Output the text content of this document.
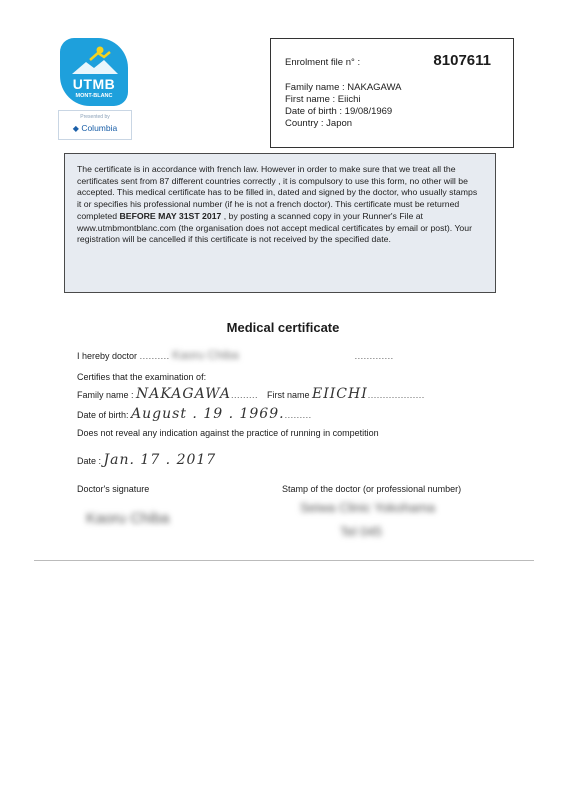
UTMB
MONT-BLANC
Presented by
◆ Columbia
Enrolment file n° :	8107611
Family name : NAKAGAWA
First name : Eiichi
Date of birth : 19/08/1969
Country : Japon
The certificate is in accordance with french law. However in order to make sure that we treat all the certificates sent from 87 different countries correctly , it is compulsory to use this form, no other will be accepted. This medical certificate has to be filled in, dated and signed by the doctor, who usually stamps it or specifies his professional number (if he is not a french doctor). This certificate must be returned completed BEFORE MAY 31ST 2017 , by posting a scanned copy in your Runner's File at www.utmbmontblanc.com (the organisation does not accept medical certificates by email or post). Your registration will be cancelled if this certificate is not received by the specified date.
Medical certificate
I hereby doctor .......... Kaoru Chiba	.............
Certifies that the examination of:
Family name : NAKAGAWA......... First name EIICHI...................
Date of birth: August . 19 . 1969..........
Does not reveal any indication against the practice of running in competition
Date : Jan. 17 . 2017
Doctor's signature	Stamp of the doctor (or professional number)
Kaoru Chiba
Seiwa Clinic Yokohama
Tel 045
